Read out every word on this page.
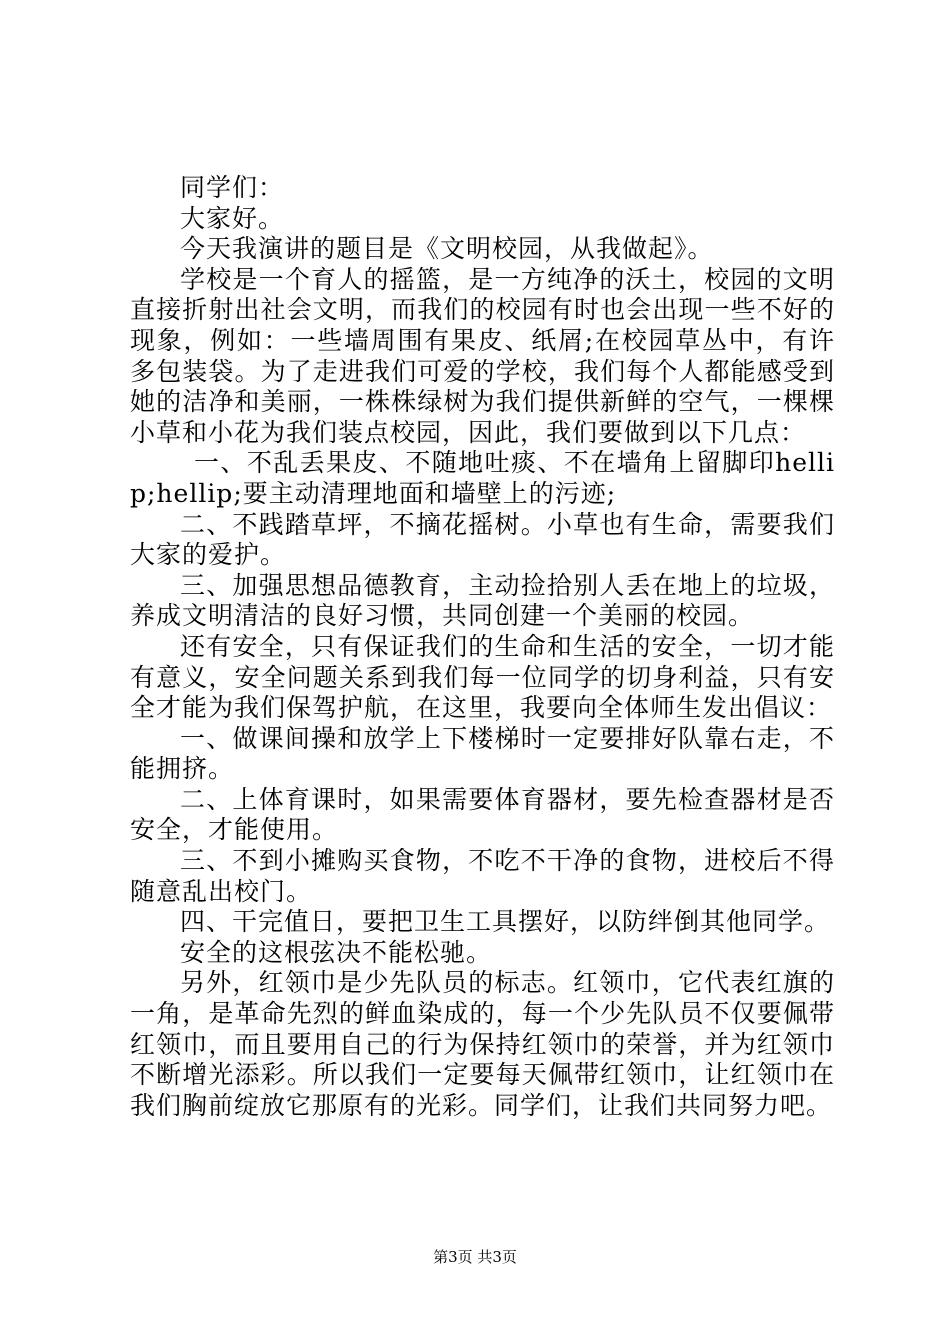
同学们：

大家好。

今天我演讲的题目是《文明校园，从我做起》。

学校是一个育人的摇篮，是一方纯净的沃土，校园的文明直接折射出社会文明，而我们的校园有时也会出现一些不好的现象，例如：一些墙周围有果皮、纸屑;在校园草丛中，有许多包装袋。为了走进我们可爱的学校，我们每个人都能感受到她的洁净和美丽，一株株绿树为我们提供新鲜的空气，一棵棵小草和小花为我们装点校园，因此，我们要做到以下几点：

一、不乱丢果皮、不随地吐痰、不在墙角上留脚印hellip;hellip;要主动清理地面和墙壁上的污迹;

二、不践踏草坪，不摘花摇树。小草也有生命，需要我们大家的爱护。

三、加强思想品德教育，主动捡拾别人丢在地上的垃圾，养成文明清洁的良好习惯，共同创建一个美丽的校园。

还有安全，只有保证我们的生命和生活的安全，一切才能有意义，安全问题关系到我们每一位同学的切身利益，只有安全才能为我们保驾护航，在这里，我要向全体师生发出倡议：

一、做课间操和放学上下楼梯时一定要排好队靠右走，不能拥挤。

二、上体育课时，如果需要体育器材，要先检查器材是否安全，才能使用。

三、不到小摊购买食物，不吃不干净的食物，进校后不得随意乱出校门。

四、干完值日，要把卫生工具摆好，以防绊倒其他同学。

安全的这根弦决不能松驰。

另外，红领巾是少先队员的标志。红领巾，它代表红旗的一角，是革命先烈的鲜血染成的，每一个少先队员不仅要佩带红领巾，而且要用自己的行为保持红领巾的荣誉，并为红领巾不断增光添彩。所以我们一定要每天佩带红领巾，让红领巾在我们胸前绽放它那原有的光彩。同学们，让我们共同努力吧。

第3页 共3页
